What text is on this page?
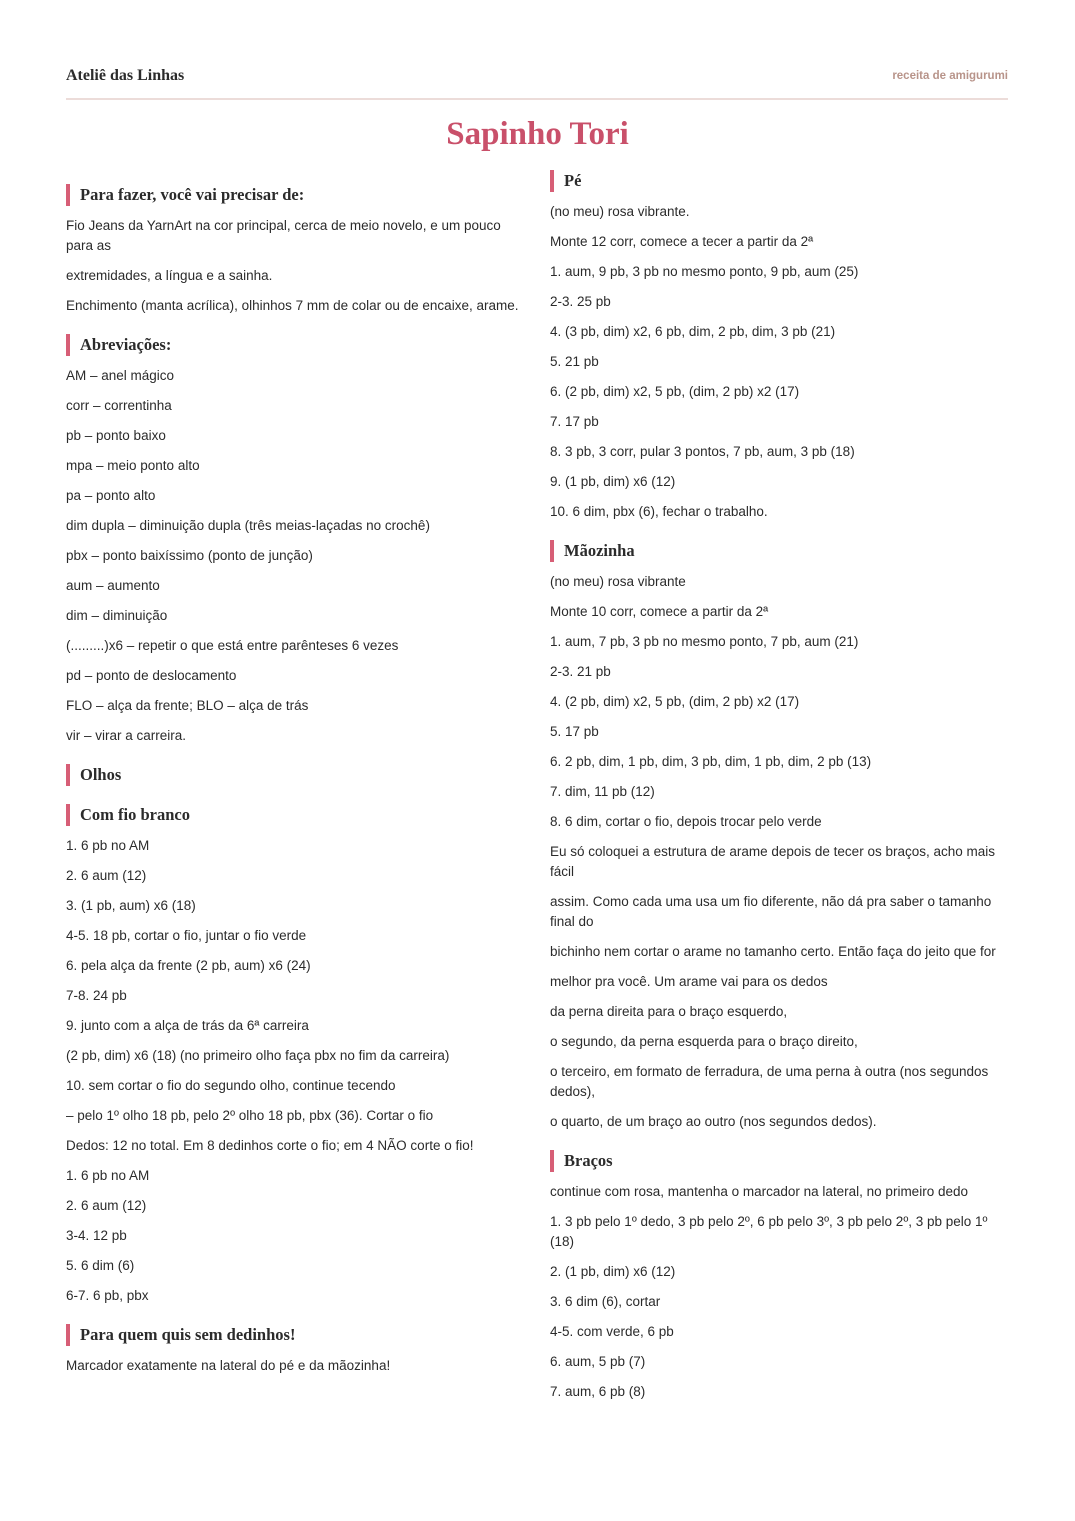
Ateliê das Linhas	receita de amigurumi
Sapinho Tori
Para fazer, você vai precisar de:
Fio Jeans da YarnArt na cor principal, cerca de meio novelo, e um pouco para as
extremidades, a língua e a sainha.
Enchimento (manta acrílica), olhinhos 7 mm de colar ou de encaixe, arame.
Abreviações:
AM – anel mágico
corr – correntinha
pb – ponto baixo
mpa – meio ponto alto
pa – ponto alto
dim dupla – diminuição dupla (três meias-laçadas no crochê)
pbx – ponto baixíssimo (ponto de junção)
aum – aumento
dim – diminuição
(.........)x6 – repetir o que está entre parênteses 6 vezes
pd – ponto de deslocamento
FLO – alça da frente; BLO – alça de trás
vir – virar a carreira.
Olhos
Com fio branco
1. 6 pb no AM
2. 6 aum (12)
3. (1 pb, aum) x6 (18)
4-5. 18 pb, cortar o fio, juntar o fio verde
6. pela alça da frente (2 pb, aum) x6 (24)
7-8. 24 pb
9. junto com a alça de trás da 6ª carreira
(2 pb, dim) x6 (18) (no primeiro olho faça pbx no fim da carreira)
10. sem cortar o fio do segundo olho, continue tecendo
– pelo 1º olho 18 pb, pelo 2º olho 18 pb, pbx (36). Cortar o fio
Dedos: 12 no total. Em 8 dedinhos corte o fio; em 4 NÃO corte o fio!
1. 6 pb no AM
2. 6 aum (12)
3-4. 12 pb
5. 6 dim (6)
6-7. 6 pb, pbx
Para quem quis sem dedinhos!
Marcador exatamente na lateral do pé e da mãozinha!
Pé
(no meu) rosa vibrante.
Monte 12 corr, comece a tecer a partir da 2ª
1. aum, 9 pb, 3 pb no mesmo ponto, 9 pb, aum (25)
2-3. 25 pb
4. (3 pb, dim) x2, 6 pb, dim, 2 pb, dim, 3 pb (21)
5. 21 pb
6. (2 pb, dim) x2, 5 pb, (dim, 2 pb) x2 (17)
7. 17 pb
8. 3 pb, 3 corr, pular 3 pontos, 7 pb, aum, 3 pb (18)
9. (1 pb, dim) x6 (12)
10. 6 dim, pbx (6), fechar o trabalho.
Mãozinha
(no meu) rosa vibrante
Monte 10 corr, comece a partir da 2ª
1. aum, 7 pb, 3 pb no mesmo ponto, 7 pb, aum (21)
2-3. 21 pb
4. (2 pb, dim) x2, 5 pb, (dim, 2 pb) x2 (17)
5. 17 pb
6. 2 pb, dim, 1 pb, dim, 3 pb, dim, 1 pb, dim, 2 pb (13)
7. dim, 11 pb (12)
8. 6 dim, cortar o fio, depois trocar pelo verde
Eu só coloquei a estrutura de arame depois de tecer os braços, acho mais fácil
assim. Como cada uma usa um fio diferente, não dá pra saber o tamanho final do
bichinho nem cortar o arame no tamanho certo. Então faça do jeito que for
melhor pra você. Um arame vai para os dedos
da perna direita para o braço esquerdo,
o segundo, da perna esquerda para o braço direito,
o terceiro, em formato de ferradura, de uma perna à outra (nos segundos dedos),
o quarto, de um braço ao outro (nos segundos dedos).
Braços
continue com rosa, mantenha o marcador na lateral, no primeiro dedo
1. 3 pb pelo 1º dedo, 3 pb pelo 2º, 6 pb pelo 3º, 3 pb pelo 2º, 3 pb pelo 1º (18)
2. (1 pb, dim) x6 (12)
3. 6 dim (6), cortar
4-5. com verde, 6 pb
6. aum, 5 pb (7)
7. aum, 6 pb (8)
